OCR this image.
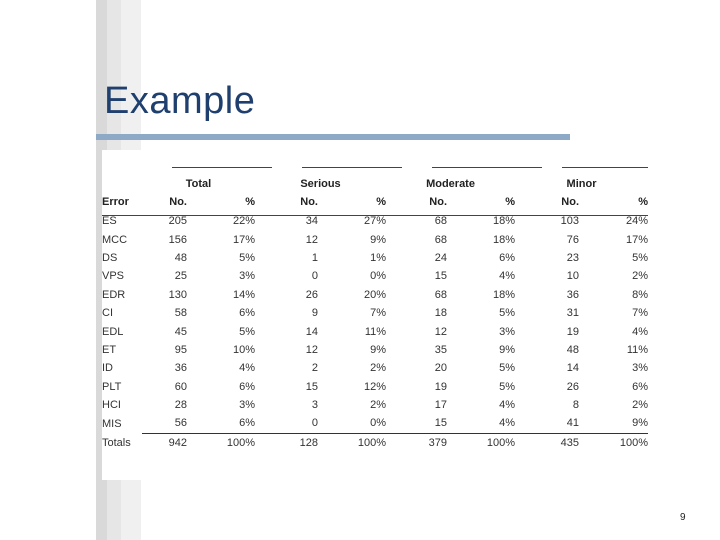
Example
	Total		Serious		Moderate		Minor	
Error	No.	%	No.	%	No.	%	No.	%
ES	205	22%	34	27%	68	18%	103	24%
MCC	156	17%	12	9%	68	18%	76	17%
DS	48	5%	1	1%	24	6%	23	5%
VPS	25	3%	0	0%	15	4%	10	2%
EDR	130	14%	26	20%	68	18%	36	8%
CI	58	6%	9	7%	18	5%	31	7%
EDL	45	5%	14	11%	12	3%	19	4%
ET	95	10%	12	9%	35	9%	48	11%
ID	36	4%	2	2%	20	5%	14	3%
PLT	60	6%	15	12%	19	5%	26	6%
HCI	28	3%	3	2%	17	4%	8	2%
MIS	56	6%	0	0%	15	4%	41	9%
Totals	942	100%	128	100%	379	100%	435	100%
9
